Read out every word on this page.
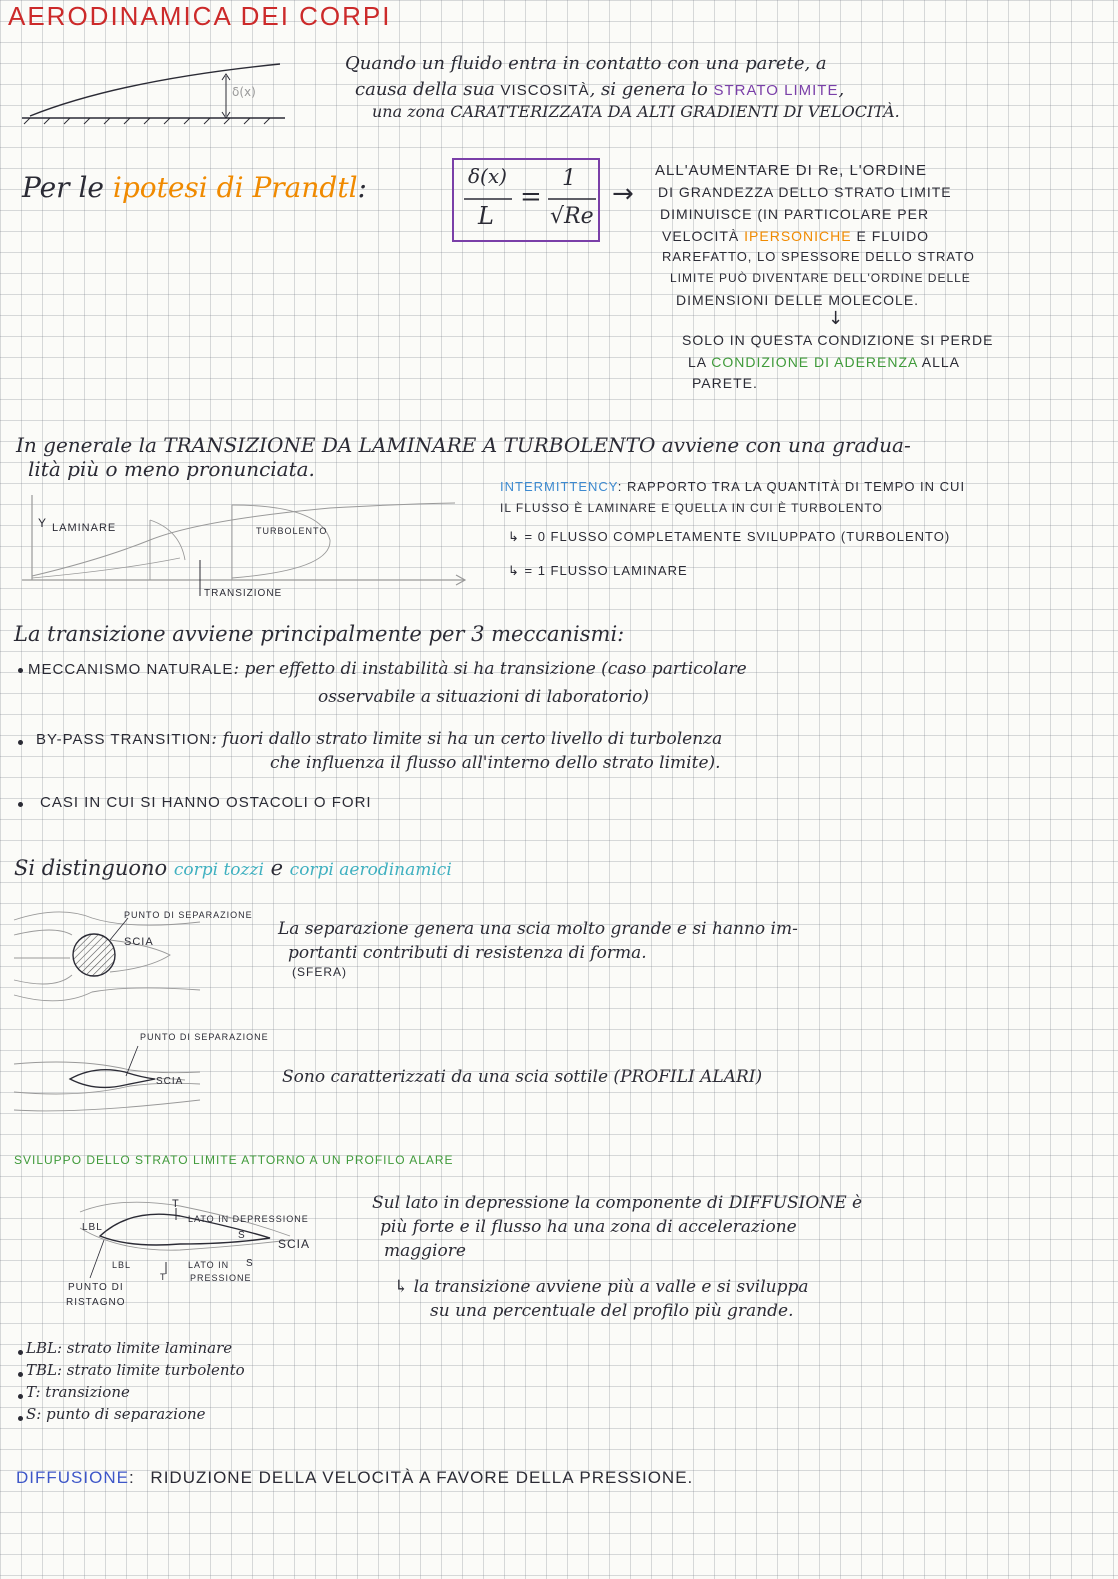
AERODINAMICA DEI CORPI
δ(x)
Quando un fluido entra in contatto con una parete, a
causa della sua VISCOSITÀ, si genera lo STRATO LIMITE,
una zona CARATTERIZZATA DA ALTI GRADIENTI DI VELOCITÀ.
Per le ipotesi di Prandtl:	δ(x)
L
=
1
√Re
→
ALL'AUMENTARE DI Re, L'ORDINE
DI GRANDEZZA DELLO STRATO LIMITE
DIMINUISCE (IN PARTICOLARE PER
VELOCITÀ IPERSONICHE E FLUIDO
RAREFATTO, LO SPESSORE DELLO STRATO
LIMITE PUÒ DIVENTARE DELL'ORDINE DELLE
DIMENSIONI DELLE MOLECOLE.
↓
SOLO IN QUESTA CONDIZIONE SI PERDE
LA CONDIZIONE DI ADERENZA ALLA
PARETE.
In generale la TRANSIZIONE DA LAMINARE A TURBOLENTO avviene con una gradua-
lità più o meno pronunciata.
Y LAMINARE	TURBOLENTO
TRANSIZIONE
INTERMITTENCY: RAPPORTO TRA LA QUANTITÀ DI TEMPO IN CUI
IL FLUSSO È LAMINARE E QUELLA IN CUI È TURBOLENTO
↳ = 0 FLUSSO COMPLETAMENTE SVILUPPATO (TURBOLENTO)
↳ = 1 FLUSSO LAMINARE
La transizione avviene principalmente per 3 meccanismi:
MECCANISMO NATURALE: per effetto di instabilità si ha transizione (caso particolare
osservabile a situazioni di laboratorio)
BY-PASS TRANSITION: fuori dallo strato limite si ha un certo livello di turbolenza
che influenza il flusso all'interno dello strato limite).
CASI IN CUI SI HANNO OSTACOLI O FORI
Si distinguono corpi tozzi e corpi aerodinamici
PUNTO DI SEPARAZIONE
SCIA
La separazione genera una scia molto grande e si hanno im-
portanti contributi di resistenza di forma.
(SFERA)
PUNTO DI SEPARAZIONE
SCIA	Sono caratterizzati da una scia sottile (PROFILI ALARI)
SVILUPPO DELLO STRATO LIMITE ATTORNO A UN PROFILO ALARE
T
LBL
LATO IN DEPRESSIONE
S
SCIA
LBL
T
LATO IN
PRESSIONE
S
PUNTO DI
RISTAGNO
Sul lato in depressione la componente di DIFFUSIONE è
più forte e il flusso ha una zona di accelerazione
maggiore
↳ la transizione avviene più a valle e si sviluppa
su una percentuale del profilo più grande.
LBL: strato limite laminare
TBL: strato limite turbolento
T: transizione
S: punto di separazione
DIFFUSIONE: RIDUZIONE DELLA VELOCITÀ A FAVORE DELLA PRESSIONE.
